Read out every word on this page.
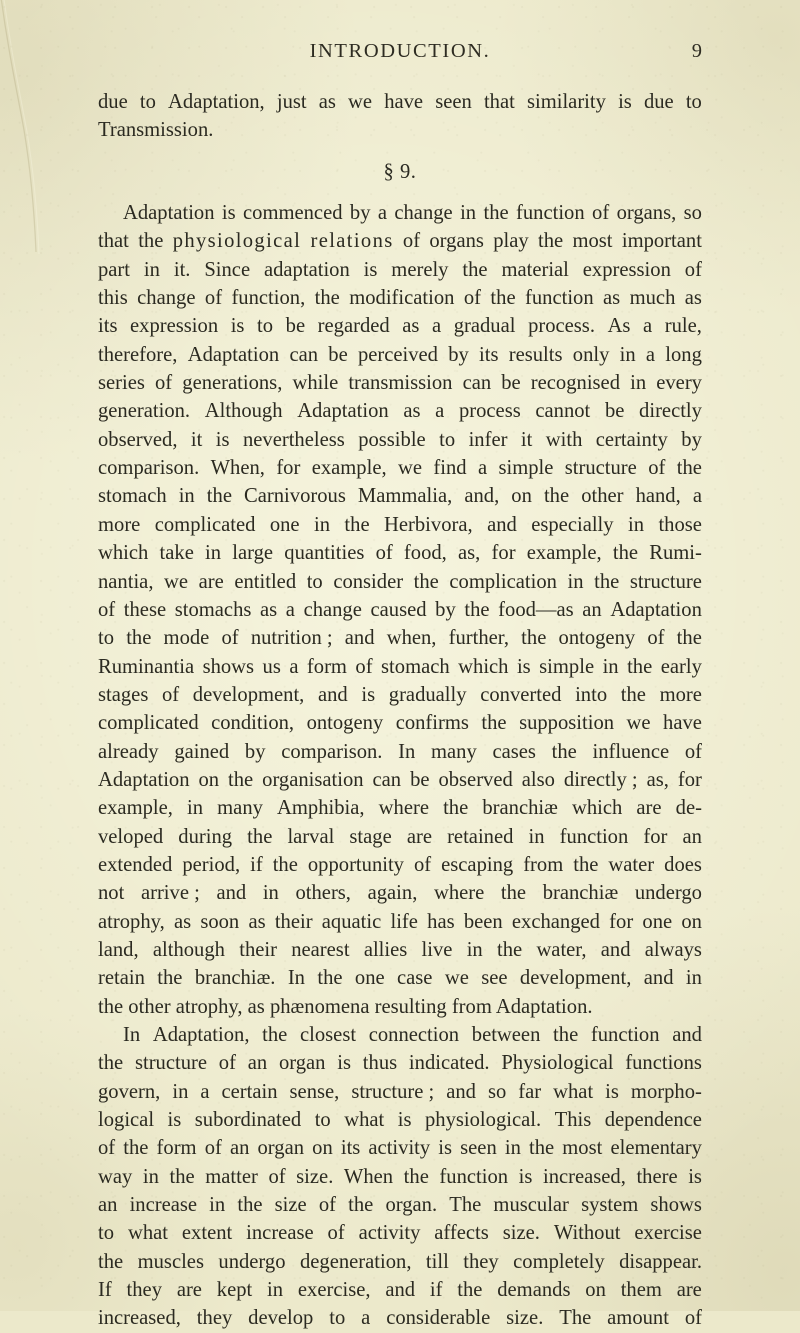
INTRODUCTION.	9
due to Adaptation, just as we have seen that similarity is due to
Transmission.
§ 9.
Adaptation is commenced by a change in the function of organs, so
that the physiological relations of organs play the most important
part in it. Since adaptation is merely the material expression of
this change of function, the modification of the function as much as
its expression is to be regarded as a gradual process. As a rule,
therefore, Adaptation can be perceived by its results only in a long
series of generations, while transmission can be recognised in every
generation. Although Adaptation as a process cannot be directly
observed, it is nevertheless possible to infer it with certainty by
comparison. When, for example, we find a simple structure of the
stomach in the Carnivorous Mammalia, and, on the other hand, a
more complicated one in the Herbivora, and especially in those
which take in large quantities of food, as, for example, the Rumi-
nantia, we are entitled to consider the complication in the structure
of these stomachs as a change caused by the food—as an Adaptation
to the mode of nutrition ; and when, further, the ontogeny of the
Ruminantia shows us a form of stomach which is simple in the early
stages of development, and is gradually converted into the more
complicated condition, ontogeny confirms the supposition we have
already gained by comparison. In many cases the influence of
Adaptation on the organisation can be observed also directly ; as, for
example, in many Amphibia, where the branchiæ which are de-
veloped during the larval stage are retained in function for an
extended period, if the opportunity of escaping from the water does
not arrive ; and in others, again, where the branchiæ undergo
atrophy, as soon as their aquatic life has been exchanged for one on
land, although their nearest allies live in the water, and always
retain the branchiæ. In the one case we see development, and in
the other atrophy, as phænomena resulting from Adaptation.
In Adaptation, the closest connection between the function and
the structure of an organ is thus indicated. Physiological functions
govern, in a certain sense, structure ; and so far what is morpho-
logical is subordinated to what is physiological. This dependence
of the form of an organ on its activity is seen in the most elementary
way in the matter of size. When the function is increased, there is
an increase in the size of the organ. The muscular system shows
to what extent increase of activity affects size. Without exercise
the muscles undergo degeneration, till they completely disappear.
If they are kept in exercise, and if the demands on them are
increased, they develop to a considerable size. The amount of
